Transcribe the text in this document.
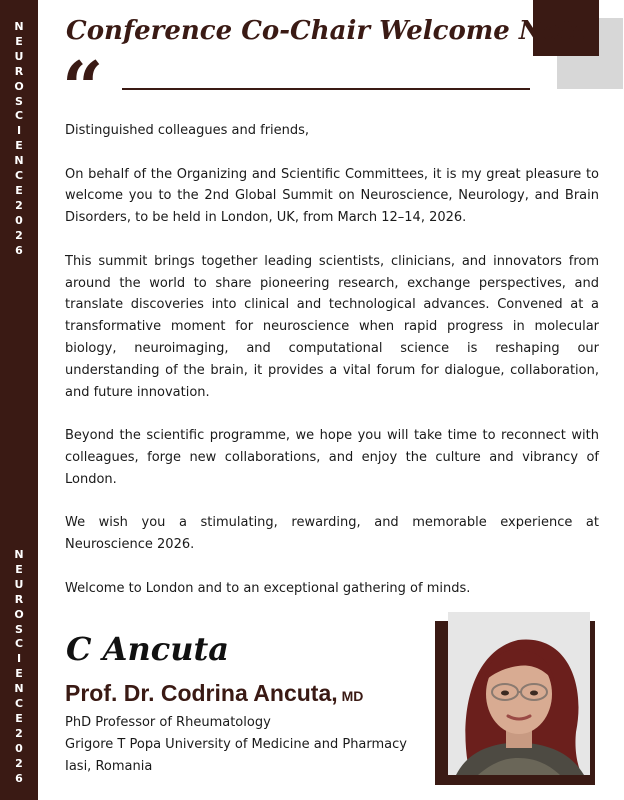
N
E
U
R
O
S
C
I
E
N
C
E
2
0
2
6
N
E
U
R
O
S
C
I
E
N
C
E
2
0
2
6
Conference Co-Chair Welcome Note
“

Distinguished colleagues and friends,

On behalf of the Organizing and Scientific Committees, it is my great pleasure to welcome you to the 2nd Global Summit on Neuroscience, Neurology, and Brain Disorders, to be held in London, UK, from March 12–14, 2026.

This summit brings together leading scientists, clinicians, and innovators from around the world to share pioneering research, exchange perspectives, and translate discoveries into clinical and technological advances. Convened at a transformative moment for neuroscience when rapid progress in molecular biology, neuroimaging, and computational science is reshaping our understanding of the brain, it provides a vital forum for dialogue, collaboration, and future innovation.

Beyond the scientific programme, we hope you will take time to reconnect with colleagues, forge new collaborations, and enjoy the culture and vibrancy of London.

We wish you a stimulating, rewarding, and memorable experience at Neuroscience 2026.

Welcome to London and to an exceptional gathering of minds.

C Ancuta
Prof. Dr. Codrina Ancuta, MD
PhD Professor of Rheumatology
Grigore T Popa University of Medicine and Pharmacy
Iasi, Romania
